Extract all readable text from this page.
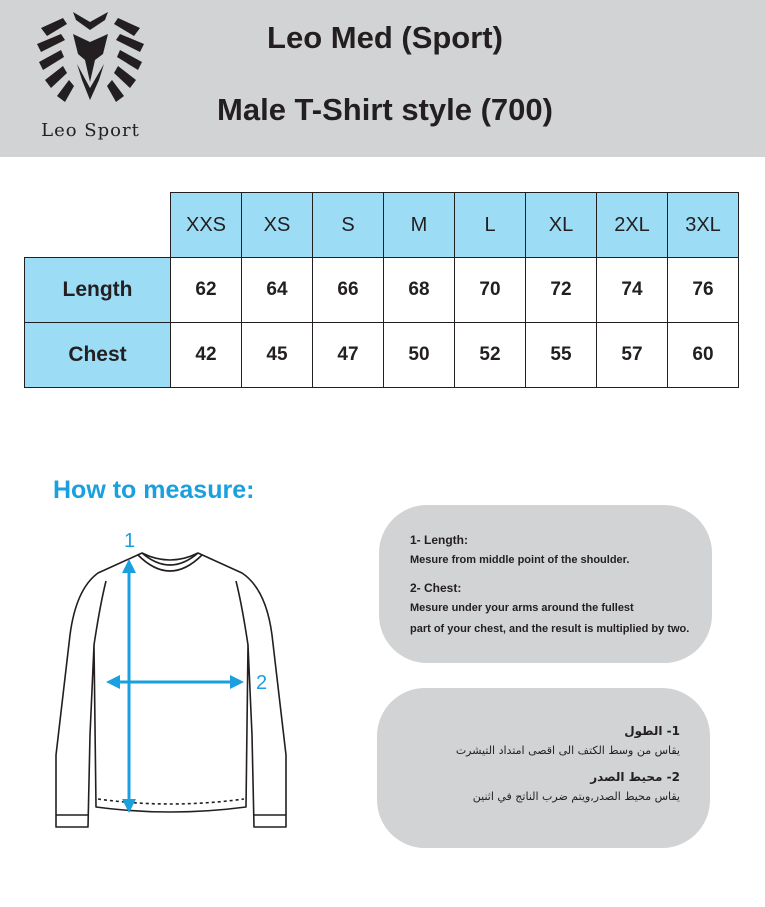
Leo Sport
Leo Med (Sport)
Male T-Shirt style (700)
	XXS	XS	S	M	L	XL	2XL	3XL
Length	62	64	66	68	70	72	74	76
Chest	42	45	47	50	52	55	57	60
How to measure:
1
2
1- Length:
Mesure from middle point of the shoulder.
2- Chest:
Mesure under your arms around the fullest
part of your chest, and the result is multiplied by two.
1- الطول
يقاس من وسط الكتف الى اقصى امتداد التيشرت
2- محيط الصدر
يقاس محيط الصدر,ويتم ضرب الناتج في اثنين
